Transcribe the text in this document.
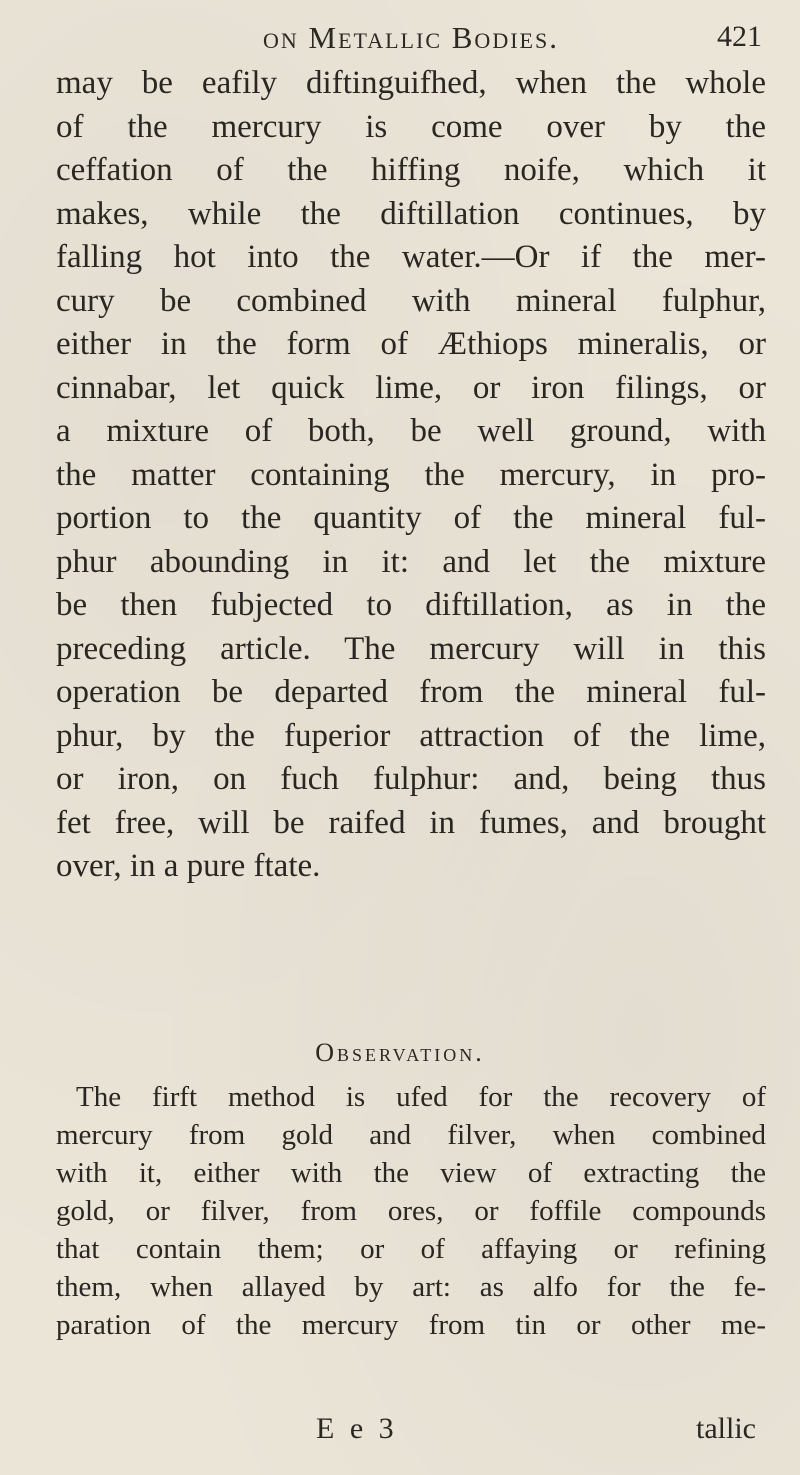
on Metallic Bodies.	421
may be eafily diftinguifhed, when the whole
of the mercury is come over by the
ceffation of the hiffing noife, which it
makes, while the diftillation continues, by
falling hot into the water.—Or if the mer-
cury be combined with mineral fulphur,
either in the form of Æthiops mineralis, or
cinnabar, let quick lime, or iron filings, or
a mixture of both, be well ground, with
the matter containing the mercury, in pro-
portion to the quantity of the mineral ful-
phur abounding in it: and let the mixture
be then fubjected to diftillation, as in the
preceding article. The mercury will in this
operation be departed from the mineral ful-
phur, by the fuperior attraction of the lime,
or iron, on fuch fulphur: and, being thus
fet free, will be raifed in fumes, and brought
over, in a pure ftate.
Observation.
The firft method is ufed for the recovery of
mercury from gold and filver, when combined
with it, either with the view of extracting the
gold, or filver, from ores, or foffile compounds
that contain them; or of affaying or refining
them, when allayed by art: as alfo for the fe-
paration of the mercury from tin or other me-
E e 3	tallic
